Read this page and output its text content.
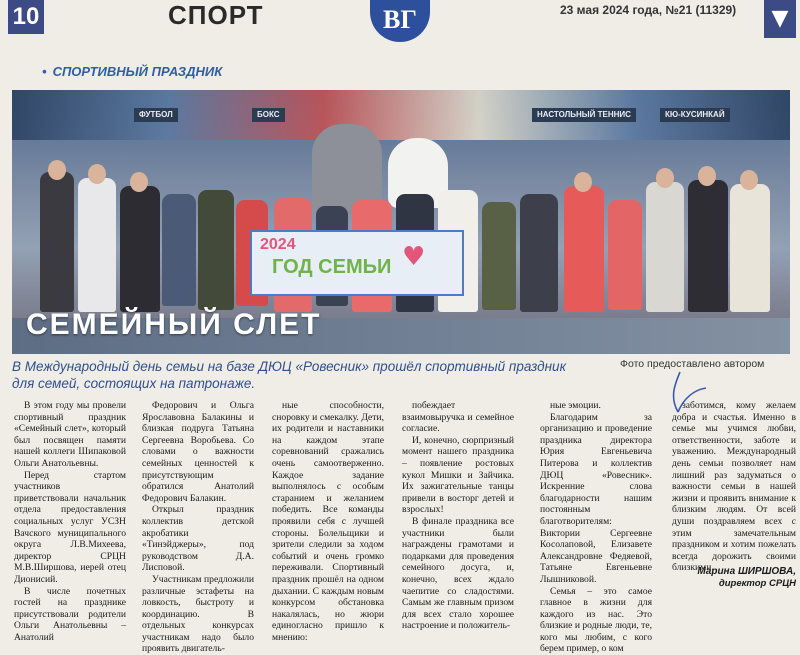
10	СПОРТ	ВГ	23 мая 2024 года, №21 (11329)	▼
• СПОРТИВНЫЙ ПРАЗДНИК
ФУТБОЛ	БОКС	НАСТОЛЬНЫЙ ТЕННИС	КЮ-КУСИНКАЙ
2024
ГОД СЕМЬИ ♥
СЕМЕЙНЫЙ СЛЕТ
В Международный день семьи на базе ДЮЦ «Ровесник» прошёл спортивный праздник для семей, состоящих на патронаже.
Фото предоставлено автором

В этом году мы провели спортивный праздник «Семейный слет», который был посвящен памяти нашей коллеги Шипаковой Ольги Анатольевны.

Перед стартом участников приветствовали начальник отдела предоставления социальных услуг УСЗН Вачского муниципального округа Л.В.Михеева, директор СРЦН М.В.Ширшова, иерей отец Дионисий.

В числе почетных гостей на празднике присутствовали родители Ольги Анатольевны – Анатолий

Федорович и Ольга Ярославовна Балакины и близкая подруга Татьяна Сергеевна Воробьева. Со словами о важности семейных ценностей к присутствующим обратился Анатолий Федорович Балакин.

Открыл праздник коллектив детской акробатики «Тинэйджеры», под руководством Д.А. Лисповой.

Участникам предложили различные эстафеты на ловкость, быстроту и координацию. В отдельных конкурсах участникам надо было проявить двигатель-

ные способности, сноровку и смекалку. Дети, их родители и наставники на каждом этапе соревнований сражались очень самоотверженно. Каждое задание выполнялось с особым старанием и желанием победить. Все команды проявили себя с лучшей стороны. Болельщики и зрители следили за ходом событий и очень громко переживали. Спортивный праздник прошёл на одном дыхании. С каждым новым конкурсом обстановка накалялась, но жюри единогласно пришло к мнению:

побеждает взаимовыручка и семейное согласие.

И, конечно, сюрпризный момент нашего праздника – появление ростовых кукол Мишки и Зайчика. Их зажигательные танцы привели в восторг детей и взрослых!

В финале праздника все участники были награждены грамотами и подарками для проведения семейного досуга, и, конечно, всех ждало чаепитие со сладостями. Самым же главным призом для всех стало хорошее настроение и положитель-

ные эмоции.

Благодарим за организацию и проведение праздника директора Юрия Евгеньевича Питерова и коллектив ДЮЦ «Ровесник». Искренние слова благодарности нашим постоянным благотворителям: Виктории Сергеевне Косолаповой, Елизавете Александровне Федяевой, Татьяне Евгеньевне Лышниковой.

Семья – это самое главное в жизни для каждого из нас. Это близкие и родные люди, те, кого мы любим, с кого берем пример, о ком

заботимся, кому желаем добра и счастья. Именно в семье мы учимся любви, ответственности, заботе и уважению. Международный день семьи позволяет нам лишний раз задуматься о важности семьи в нашей жизни и проявить внимание к близким людям. От всей души поздравляем всех с этим замечательным праздником и хотим пожелать всегда дорожить своими близкими.

Марина ШИРШОВА,
директор СРЦН
